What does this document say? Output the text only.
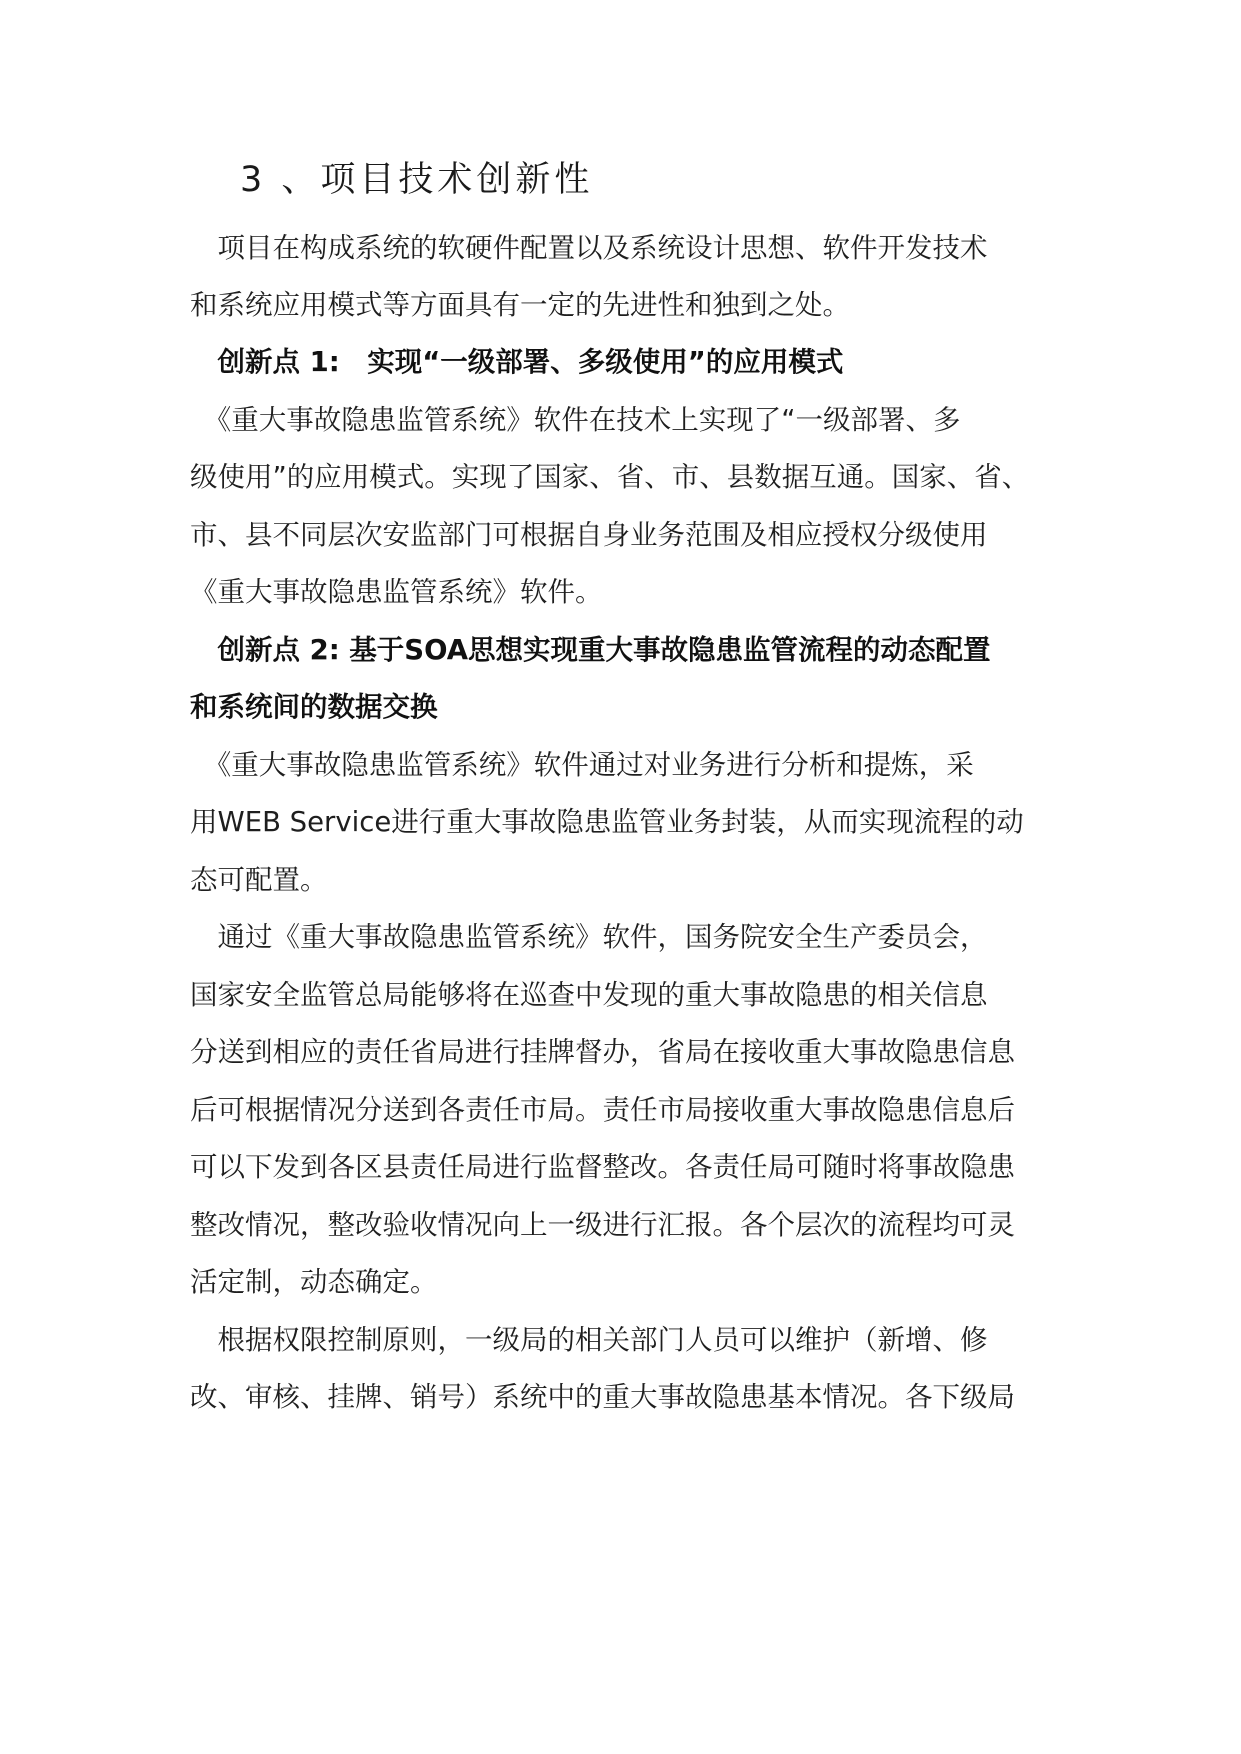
3 、项目技术创新性

　项目在构成系统的软硬件配置以及系统设计思想、软件开发技术

和系统应用模式等方面具有一定的先进性和独到之处。

　创新点 1:　实现“一级部署、多级使用”的应用模式

　《重大事故隐患监管系统》软件在技术上实现了“一级部署、多

级使用”的应用模式。实现了国家、省、市、县数据互通。国家、省、

市、县不同层次安监部门可根据自身业务范围及相应授权分级使用

《重大事故隐患监管系统》软件。

　创新点 2: 基于SOA思想实现重大事故隐患监管流程的动态配置

和系统间的数据交换

　《重大事故隐患监管系统》软件通过对业务进行分析和提炼，采

用WEB Service进行重大事故隐患监管业务封装，从而实现流程的动

态可配置。

　通过《重大事故隐患监管系统》软件，国务院安全生产委员会，

国家安全监管总局能够将在巡查中发现的重大事故隐患的相关信息

分送到相应的责任省局进行挂牌督办，省局在接收重大事故隐患信息

后可根据情况分送到各责任市局。责任市局接收重大事故隐患信息后

可以下发到各区县责任局进行监督整改。各责任局可随时将事故隐患

整改情况，整改验收情况向上一级进行汇报。各个层次的流程均可灵

活定制，动态确定。

　根据权限控制原则，一级局的相关部门人员可以维护（新增、修

改、审核、挂牌、销号）系统中的重大事故隐患基本情况。各下级局
